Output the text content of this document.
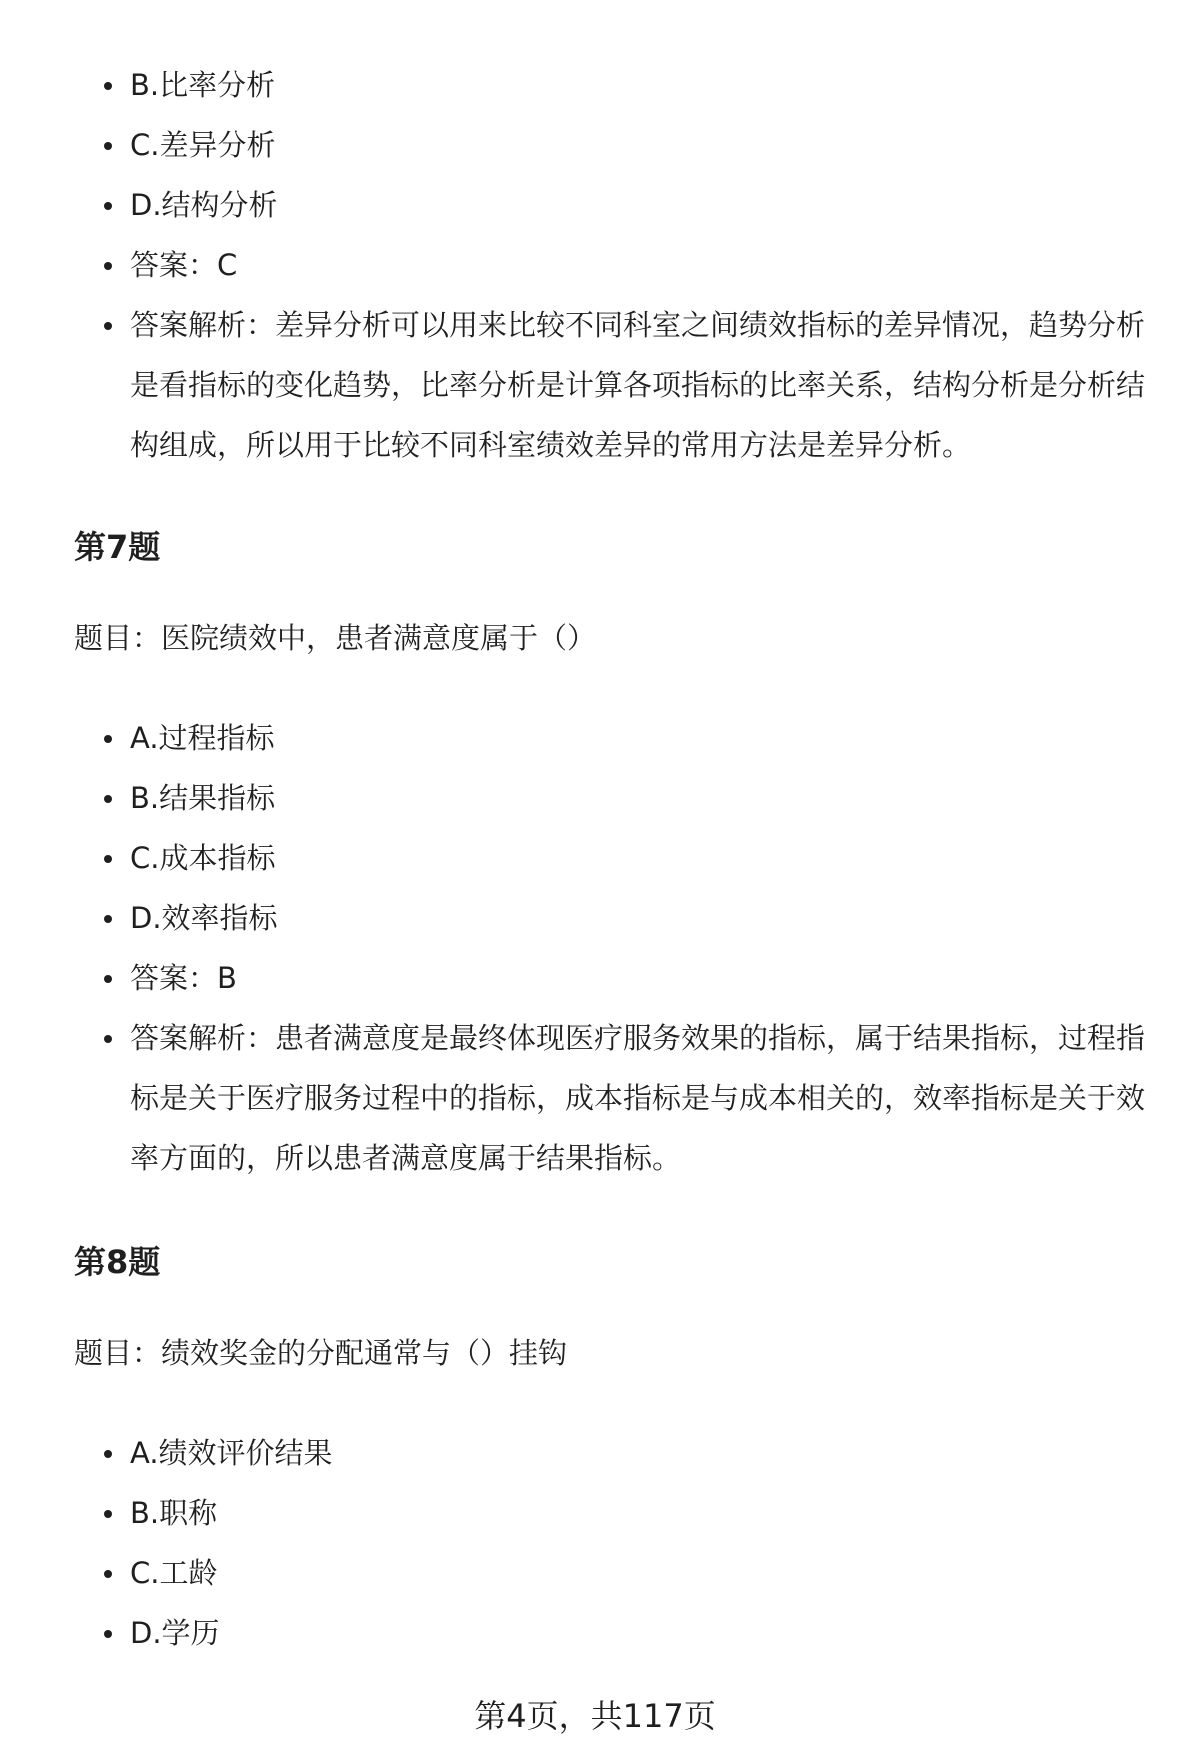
B.比率分析
C.差异分析
D.结构分析
答案：C
答案解析：差异分析可以用来比较不同科室之间绩效指标的差异情况，趋势分析是看指标的变化趋势，比率分析是计算各项指标的比率关系，结构分析是分析结构组成，所以用于比较不同科室绩效差异的常用方法是差异分析。
第7题
题目：医院绩效中，患者满意度属于（）
A.过程指标
B.结果指标
C.成本指标
D.效率指标
答案：B
答案解析：患者满意度是最终体现医疗服务效果的指标，属于结果指标，过程指标是关于医疗服务过程中的指标，成本指标是与成本相关的，效率指标是关于效率方面的，所以患者满意度属于结果指标。
第8题
题目：绩效奖金的分配通常与（）挂钩
A.绩效评价结果
B.职称
C.工龄
D.学历
第4页，共117页
